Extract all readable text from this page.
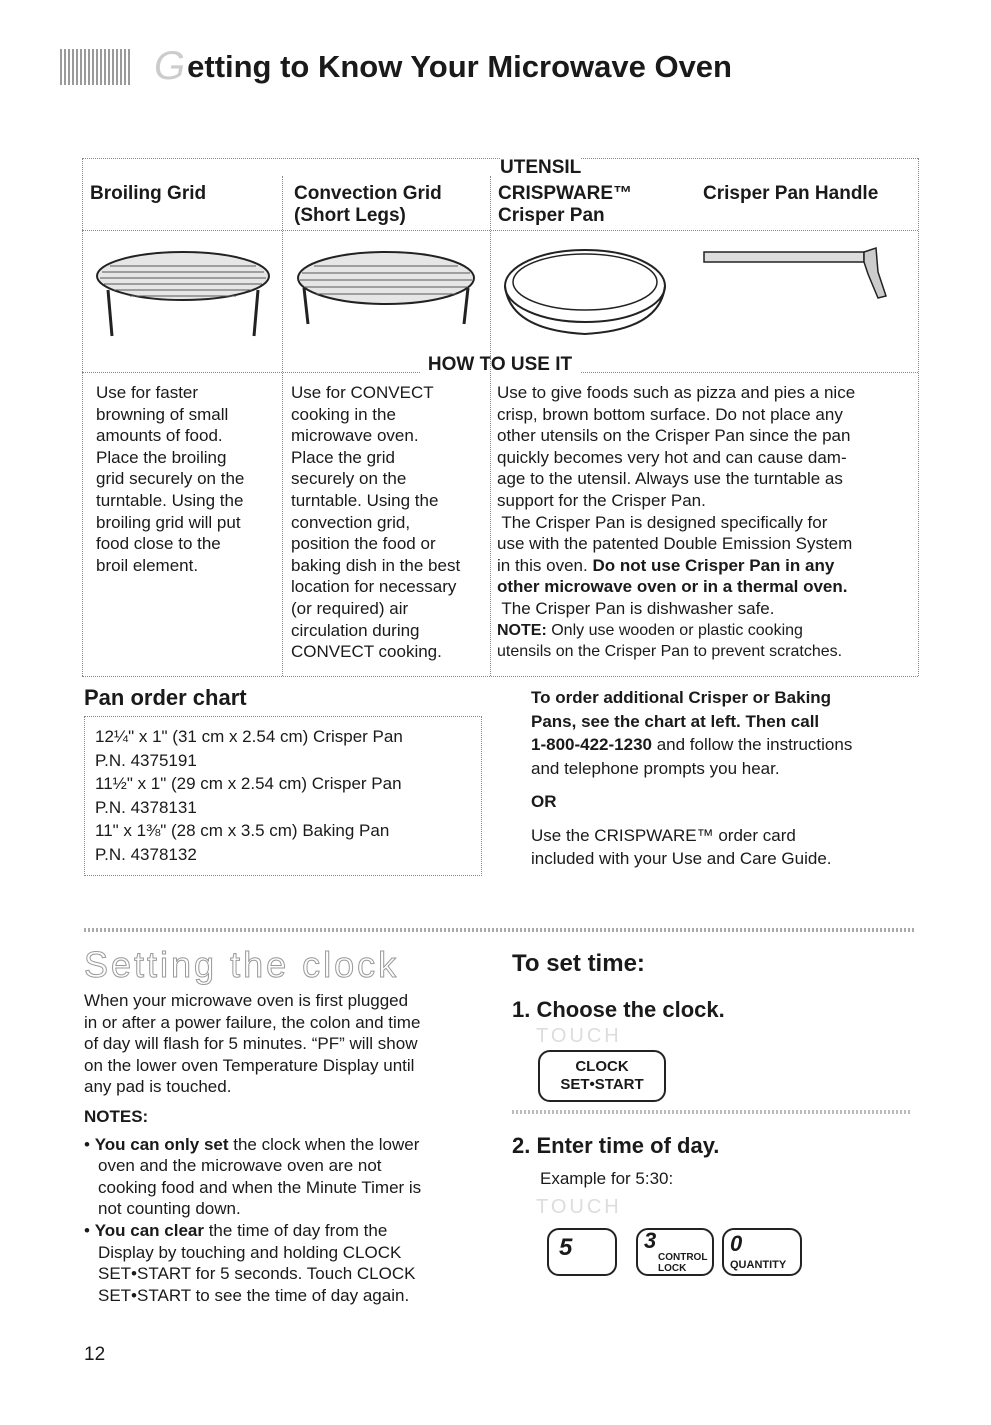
G etting to Know Your Microwave Oven
UTENSIL
HOW TO USE IT
Broiling Grid	Convection Grid
(Short Legs)
CRISPWARE™
Crisper Pan
Crisper Pan Handle
Use for faster
browning of small
amounts of food.
Place the broiling
grid securely on the
turntable. Using the
broiling grid will put
food close to the
broil element.
Use for CONVECT
cooking in the
microwave oven.
Place the grid
securely on the
turntable. Using the
convection grid,
position the food or
baking dish in the best
location for necessary
(or required) air
circulation during
CONVECT cooking.
Use to give foods such as pizza and pies a nice
crisp, brown bottom surface. Do not place any
other utensils on the Crisper Pan since the pan
quickly becomes very hot and can cause dam-
age to the utensil. Always use the turntable as
support for the Crisper Pan.
The Crisper Pan is designed specifically for
use with the patented Double Emission System
in this oven. Do not use Crisper Pan in any
other microwave oven or in a thermal oven.
The Crisper Pan is dishwasher safe.
NOTE: Only use wooden or plastic cooking
utensils on the Crisper Pan to prevent scratches.
Pan order chart
12¼" x 1" (31 cm x 2.54 cm) Crisper Pan
P.N. 4375191
11½" x 1" (29 cm x 2.54 cm) Crisper Pan
P.N. 4378131
11" x 1⅜" (28 cm x 3.5 cm) Baking Pan
P.N. 4378132
To order additional Crisper or Baking
Pans, see the chart at left. Then call
1-800-422-1230 and follow the instructions
and telephone prompts you hear.
OR
Use the CRISPWARE™ order card
included with your Use and Care Guide.
Setting the clock
When your microwave oven is first plugged
in or after a power failure, the colon and time
of day will flash for 5 minutes. “PF” will show
on the lower oven Temperature Display until
any pad is touched.
NOTES:
• You can only set the clock when the lower
oven and the microwave oven are not
cooking food and when the Minute Timer is
not counting down.
• You can clear the time of day from the
Display by touching and holding CLOCK
SET•START for 5 seconds. Touch CLOCK
SET•START to see the time of day again.
To set time:
1. Choose the clock.
TOUCH
CLOCK
SET•START
2. Enter time of day.
Example for 5:30:
TOUCH
5	3
CONTROL
LOCK
0
QUANTITY
12
